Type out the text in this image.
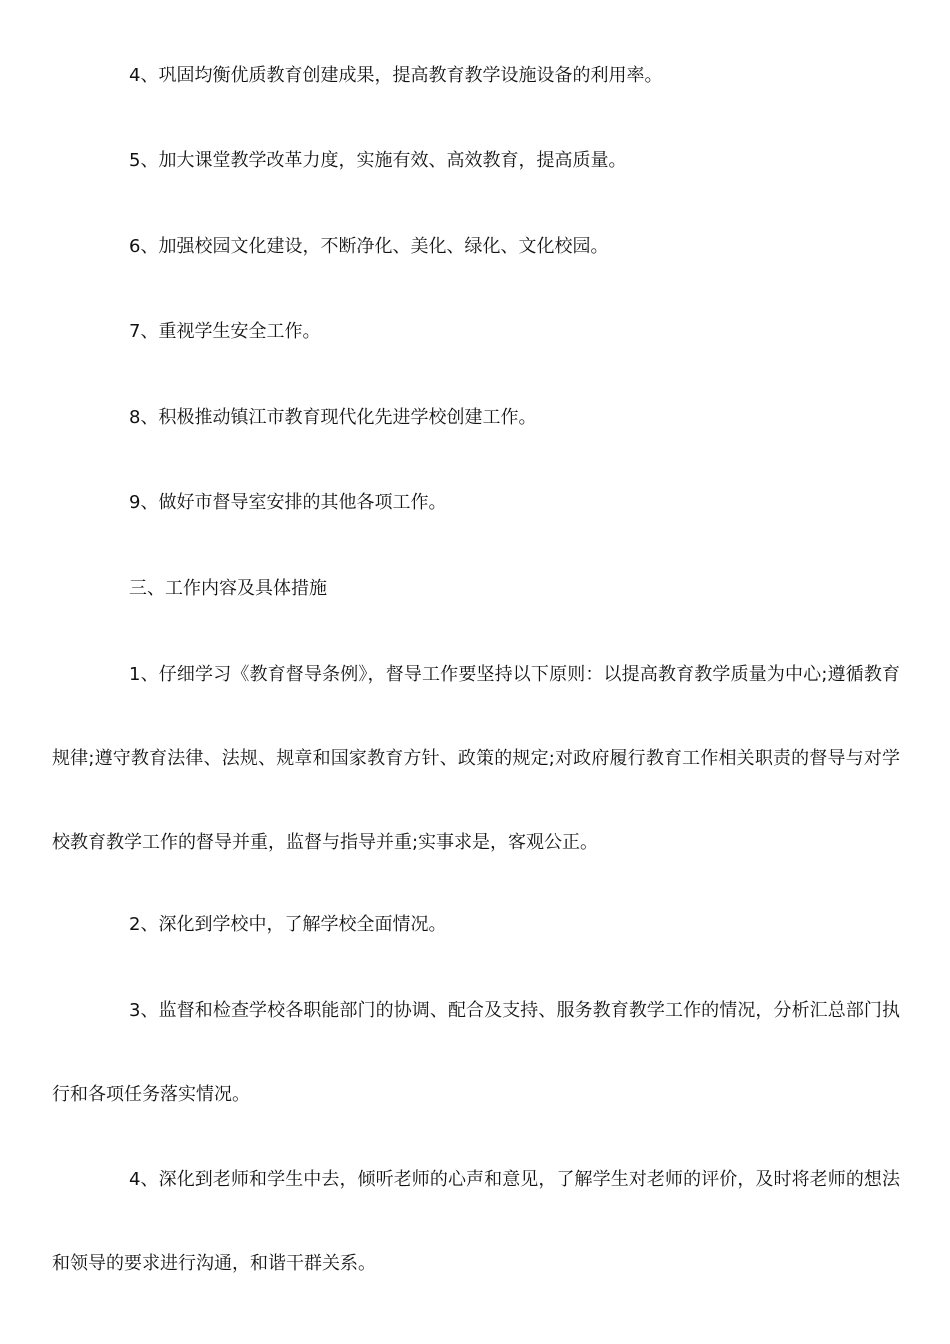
4、巩固均衡优质教育创建成果，提高教育教学设施设备的利用率。

5、加大课堂教学改革力度，实施有效、高效教育，提高质量。

6、加强校园文化建设，不断净化、美化、绿化、文化校园。

7、重视学生安全工作。

8、积极推动镇江市教育现代化先进学校创建工作。

9、做好市督导室安排的其他各项工作。

三、工作内容及具体措施

1、仔细学习《教育督导条例》，督导工作要坚持以下原则：以提高教育教学质量为中心;遵循教育规律;遵守教育法律、法规、规章和国家教育方针、政策的规定;对政府履行教育工作相关职责的督导与对学校教育教学工作的督导并重，监督与指导并重;实事求是，客观公正。

2、深化到学校中，了解学校全面情况。

3、监督和检查学校各职能部门的协调、配合及支持、服务教育教学工作的情况，分析汇总部门执行和各项任务落实情况。

4、深化到老师和学生中去，倾听老师的心声和意见，了解学生对老师的评价，及时将老师的想法和领导的要求进行沟通，和谐干群关系。
